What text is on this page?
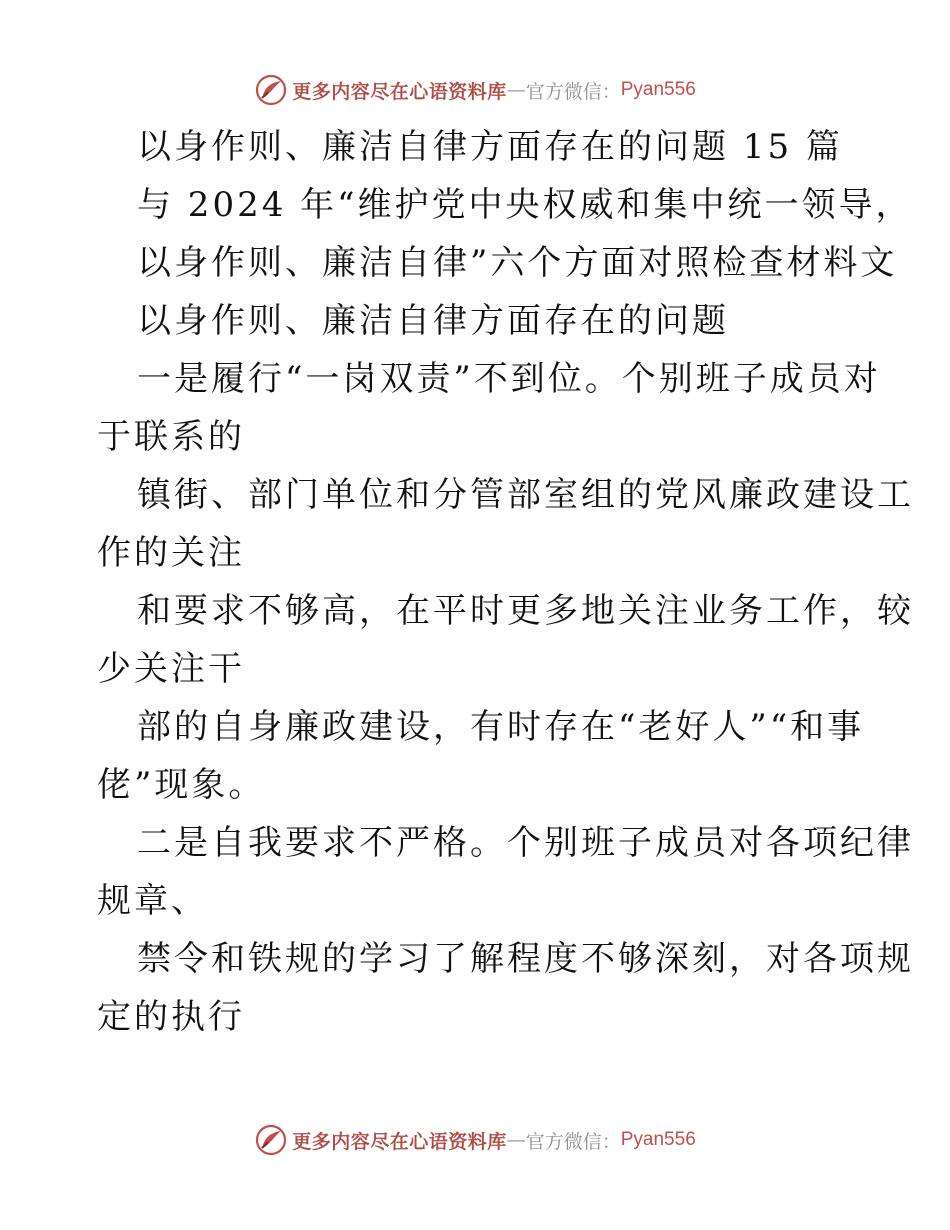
更多内容尽在心语资料库 — 官方微信： Pyan556
以身作则、廉洁自律方面存在的问题 15 篇
与 2024 年“维护党中央权威和集中统一领导，
以身作则、廉洁自律”六个方面对照检查材料文
以身作则、廉洁自律方面存在的问题
一是履行“一岗双责”不到位。个别班子成员对
于联系的
镇街、部门单位和分管部室组的党风廉政建设工
作的关注
和要求不够高，在平时更多地关注业务工作，较
少关注干
部的自身廉政建设，有时存在“老好人”“和事
佬”现象。
二是自我要求不严格。个别班子成员对各项纪律
规章、
禁令和铁规的学习了解程度不够深刻，对各项规
定的执行
更多内容尽在心语资料库 — 官方微信： Pyan556
